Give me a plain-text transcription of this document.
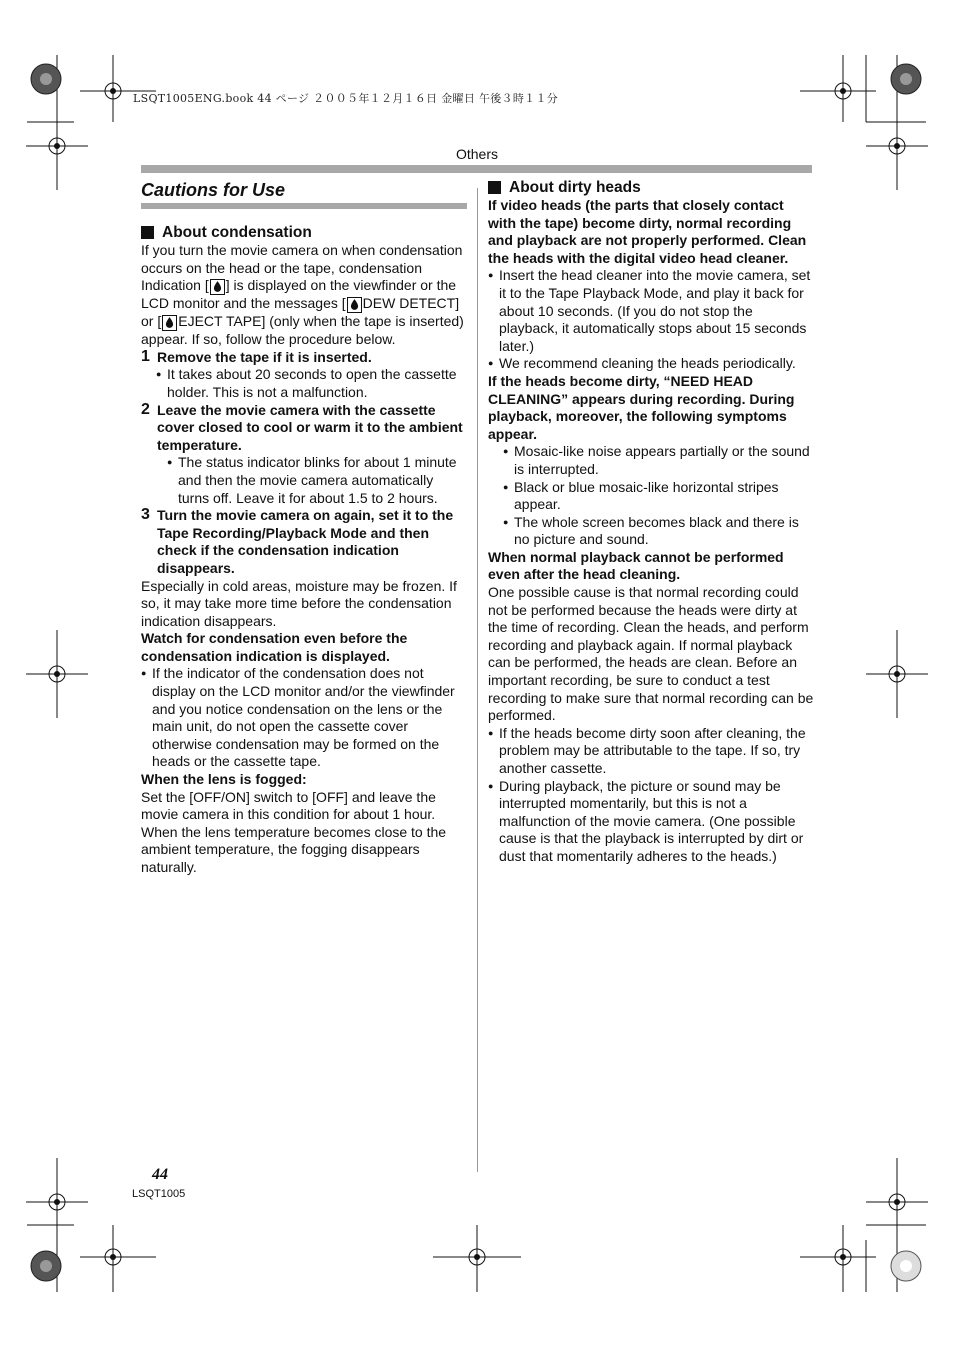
LSQT1005ENG.book 44 ページ ２００５年１２月１６日 金曜日 午後３時１１分
Others
Cautions for Use
About condensation

If you turn the movie camera on when condensation occurs on the head or the tape, condensation Indication [ ] is displayed on the viewfinder or the LCD monitor and the messages [ DEW DETECT] or [ EJECT TAPE] (only when the tape is inserted) appear. If so, follow the procedure below.

1 Remove the tape if it is inserted.

● It takes about 20 seconds to open the cassette holder. This is not a malfunction.

2 Leave the movie camera with the cassette cover closed to cool or warm it to the ambient temperature.

● The status indicator blinks for about 1 minute and then the movie camera automatically turns off. Leave it for about 1.5 to 2 hours.

3 Turn the movie camera on again, set it to the Tape Recording/Playback Mode and then check if the condensation indication disappears.

Especially in cold areas, moisture may be frozen. If so, it may take more time before the condensation indication disappears.

Watch for condensation even before the condensation indication is displayed.

● If the indicator of the condensation does not display on the LCD monitor and/or the viewfinder and you notice condensation on the lens or the main unit, do not open the cassette cover otherwise condensation may be formed on the heads or the cassette tape.

When the lens is fogged:

Set the [OFF/ON] switch to [OFF] and leave the movie camera in this condition for about 1 hour. When the lens temperature becomes close to the ambient temperature, the fogging disappears naturally.

About dirty heads

If video heads (the parts that closely contact with the tape) become dirty, normal recording and playback are not properly performed. Clean the heads with the digital video head cleaner.

● Insert the head cleaner into the movie camera, set it to the Tape Playback Mode, and play it back for about 10 seconds. (If you do not stop the playback, it automatically stops about 15 seconds later.)

● We recommend cleaning the heads periodically.

If the heads become dirty, “NEED HEAD CLEANING” appears during recording. During playback, moreover, the following symptoms appear.

● Mosaic-like noise appears partially or the sound is interrupted.

● Black or blue mosaic-like horizontal stripes appear.

● The whole screen becomes black and there is no picture and sound.

When normal playback cannot be performed even after the head cleaning.

One possible cause is that normal recording could not be performed because the heads were dirty at the time of recording. Clean the heads, and perform recording and playback again. If normal playback can be performed, the heads are clean. Before an important recording, be sure to conduct a test recording to make sure that normal recording can be performed.

● If the heads become dirty soon after cleaning, the problem may be attributable to the tape. If so, try another cassette.

● During playback, the picture or sound may be interrupted momentarily, but this is not a malfunction of the movie camera. (One possible cause is that the playback is interrupted by dirt or dust that momentarily adheres to the heads.)

44
LSQT1005
